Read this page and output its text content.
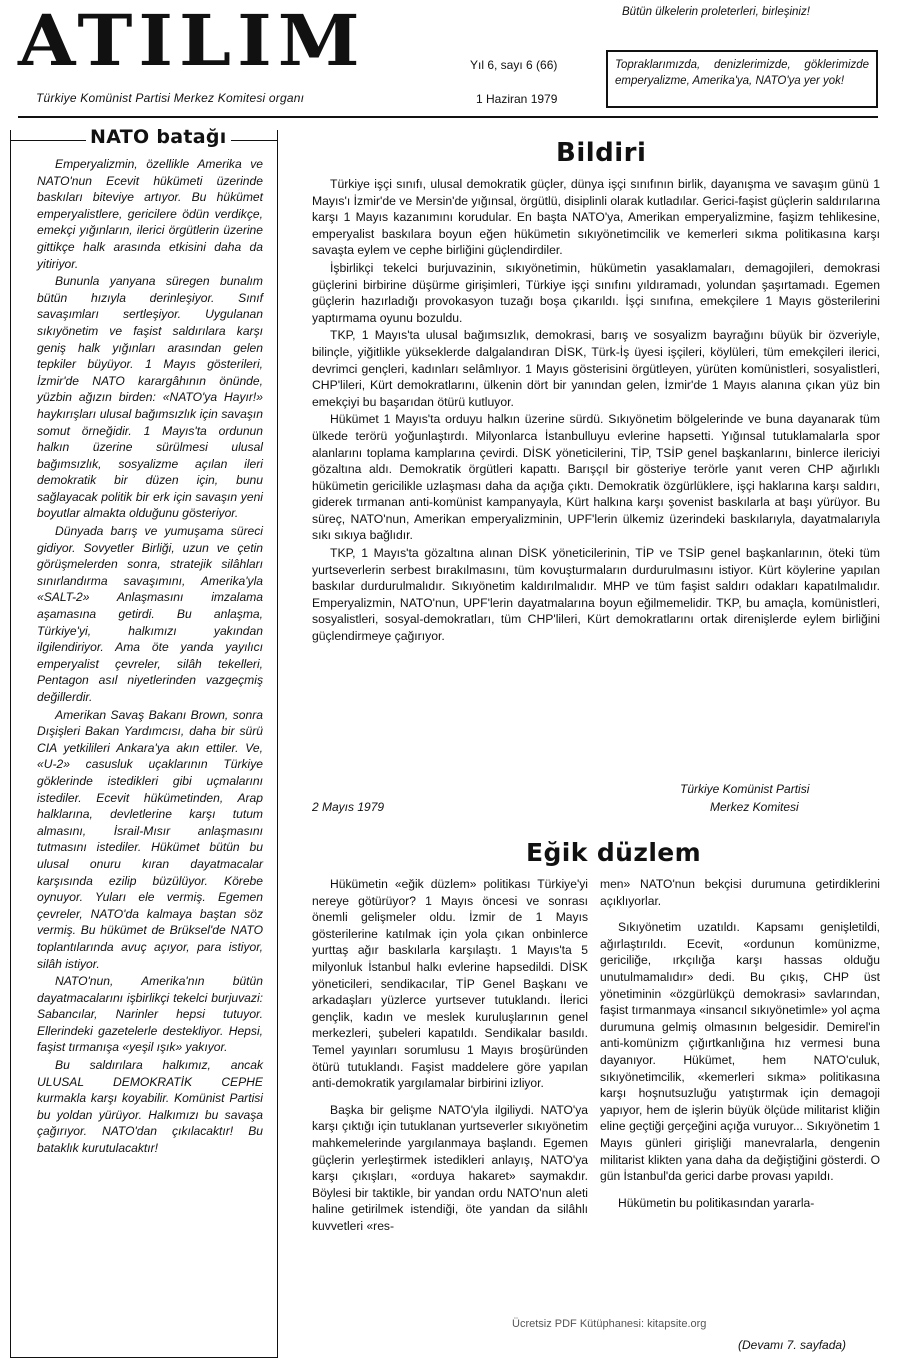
ATILIM
Türkiye Komünist Partisi Merkez Komitesi organı
Yıl 6, sayı 6 (66)
1 Haziran 1979
Bütün ülkelerin proleterleri, birleşiniz!
Topraklarımızda, denizlerimizde, göklerimizde emperyalizme, Amerika'ya, NATO'ya yer yok!

Emperyalizmin, özellikle Amerika ve NATO'nun Ecevit hükümeti üzerinde baskıları biteviye artıyor. Bu hükümet emperyalistlere, gericilere ödün verdikçe, emekçi yığınların, ilerici örgütlerin üzerine gittikçe halk arasında etkisini daha da yitiriyor.

Bununla yanyana süregen bunalım bütün hızıyla derinleşiyor. Sınıf savaşımları sertleşiyor. Uygulanan sıkıyönetim ve faşist saldırılara karşı geniş halk yığınları arasından gelen tepkiler büyüyor. 1 Mayıs gösterileri, İzmir'de NATO karargâhının önünde, yüzbin ağızın birden: «NATO'ya Hayır!» haykırışları ulusal bağımsızlık için savaşın somut örneğidir. 1 Mayıs'ta ordunun halkın üzerine sürülmesi ulusal bağımsızlık, sosyalizme açılan ileri demokratik bir düzen için, bunu sağlayacak politik bir erk için savaşın yeni boyutlar almakta olduğunu gösteriyor.

Dünyada barış ve yumuşama süreci gidiyor. Sovyetler Birliği, uzun ve çetin görüşmelerden sonra, stratejik silâhları sınırlandırma savaşımını, Amerika'yla «SALT-2» Anlaşmasını imzalama aşamasına getirdi. Bu anlaşma, Türkiye'yi, halkımızı yakından ilgilendiriyor. Ama öte yanda yayılıcı emperyalist çevreler, silâh tekelleri, Pentagon asıl niyetlerinden vazgeçmiş değillerdir.

Amerikan Savaş Bakanı Brown, sonra Dışişleri Bakan Yardımcısı, daha bir sürü CIA yetkilileri Ankara'ya akın ettiler. Ve, «U-2» casusluk uçaklarının Türkiye göklerinde istedikleri gibi uçmalarını istediler. Ecevit hükümetinden, Arap halklarına, devletlerine karşı tutum almasını, İsrail-Mısır anlaşmasını tutmasını istediler. Hükümet bütün bu ulusal onuru kıran dayatmacalar karşısında ezilip büzülüyor. Körebe oynuyor. Yuları ele vermiş. Egemen çevreler, NATO'da kalmaya baştan söz vermiş. Bu hükümet de Brüksel'de NATO toplantılarında avuç açıyor, para istiyor, silâh istiyor.

NATO'nun, Amerika'nın bütün dayatmacalarını işbirlikçi tekelci burjuvazi: Sabancılar, Narinler hepsi tutuyor. Ellerindeki gazetelerle destekliyor. Hepsi, faşist tırmanışa «yeşil ışık» yakıyor.

Bu saldırılara halkımız, ancak ULUSAL DEMOKRATİK CEPHE kurmakla karşı koyabilir. Komünist Partisi bu yoldan yürüyor. Halkımızı bu savaşa çağırıyor. NATO'dan çıkılacaktır! Bu bataklık kurutulacaktır!

NATO batağı
Bildiri

Türkiye işçi sınıfı, ulusal demokratik güçler, dünya işçi sınıfının birlik, dayanışma ve savaşım günü 1 Mayıs'ı İzmir'de ve Mersin'de yığınsal, örgütlü, disiplinli olarak kutladılar. Gerici-faşist güçlerin saldırılarına karşı 1 Mayıs kazanımını korudular. En başta NATO'ya, Amerikan emperyalizmine, faşizm tehlikesine, emperyalist baskılara boyun eğen hükümetin sıkıyönetimcilik ve kemerleri sıkma politikasına karşı savaşta eylem ve cephe birliğini güçlendirdiler.

İşbirlikçi tekelci burjuvazinin, sıkıyönetimin, hükümetin yasaklamaları, demagojileri, demokrasi güçlerini birbirine düşürme girişimleri, Türkiye işçi sınıfını yıldıramadı, yolundan şaşırtamadı. Egemen güçlerin hazırladığı provokasyon tuzağı boşa çıkarıldı. İşçi sınıfına, emekçilere 1 Mayıs gösterilerini yaptırmama oyunu bozuldu.

TKP, 1 Mayıs'ta ulusal bağımsızlık, demokrasi, barış ve sosyalizm bayrağını büyük bir özveriyle, bilinçle, yiğitlikle yükseklerde dalgalandıran DİSK, Türk-İş üyesi işçileri, köylüleri, tüm emekçileri ilerici, devrimci gençleri, kadınları selâmlıyor. 1 Mayıs gösterisini örgütleyen, yürüten komünistleri, sosyalistleri, CHP'lileri, Kürt demokratlarını, ülkenin dört bir yanından gelen, İzmir'de 1 Mayıs alanına çıkan yüz bin emekçiyi bu başarıdan ötürü kutluyor.

Hükümet 1 Mayıs'ta orduyu halkın üzerine sürdü. Sıkıyönetim bölgelerinde ve buna dayanarak tüm ülkede terörü yoğunlaştırdı. Milyonlarca İstanbulluyu evlerine hapsetti. Yığınsal tutuklamalarla spor alanlarını toplama kamplarına çevirdi. DİSK yöneticilerini, TİP, TSİP genel başkanlarını, binlerce ilericiyi gözaltına aldı. Demokratik örgütleri kapattı. Barışçıl bir gösteriye terörle yanıt veren CHP ağırlıklı hükümetin gericilikle uzlaşması daha da açığa çıktı. Demokratik özgürlüklere, işçi haklarına karşı saldırı, giderek tırmanan anti-komünist kampanyayla, Kürt halkına karşı şovenist baskılarla at başı yürüyor. Bu süreç, NATO'nun, Amerikan emperyalizminin, UPF'lerin ülkemiz üzerindeki baskılarıyla, dayatmalarıyla sıkı sıkıya bağlıdır.

TKP, 1 Mayıs'ta gözaltına alınan DİSK yöneticilerinin, TİP ve TSİP genel başkanlarının, öteki tüm yurtseverlerin serbest bırakılmasını, tüm kovuşturmaların durdurulmasını istiyor. Kürt köylerine yapılan baskılar durdurulmalıdır. Sıkıyönetim kaldırılmalıdır. MHP ve tüm faşist saldırı odakları kapatılmalıdır. Emperyalizmin, NATO'nun, UPF'lerin dayatmalarına boyun eğilmemelidir. TKP, bu amaçla, komünistleri, sosyalistleri, sosyal-demokratları, tüm CHP'lileri, Kürt demokratlarını ortak direnişlerde eylem birliğini güçlendirmeye çağırıyor.

Türkiye Komünist Partisi
Merkez Komitesi
2 Mayıs 1979
Eğik düzlem

Hükümetin «eğik düzlem» politikası Türkiye'yi nereye götürüyor? 1 Mayıs öncesi ve sonrası önemli gelişmeler oldu. İzmir de 1 Mayıs gösterilerine katılmak için yola çıkan onbinlerce yurttaş ağır baskılarla karşılaştı. 1 Mayıs'ta 5 milyonluk İstanbul halkı evlerine hapsedildi. DİSK yöneticileri, sendikacılar, TİP Genel Başkanı ve arkadaşları yüzlerce yurtsever tutuklandı. İlerici gençlik, kadın ve meslek kuruluşlarının genel merkezleri, şubeleri kapatıldı. Sendikalar basıldı. Temel yayınları sorumlusu 1 Mayıs broşüründen ötürü tutuklandı. Faşist maddelere göre yapılan anti-demokratik yargılamalar birbirini izliyor.

Başka bir gelişme NATO'yla ilgiliydi. NATO'ya karşı çıktığı için tutuklanan yurtseverler sıkıyönetim mahkemelerinde yargılanmaya başlandı. Egemen güçlerin yerleştirmek istedikleri anlayış, NATO'ya karşı çıkışları, «orduya hakaret» saymakdır. Böylesi bir taktikle, bir yandan ordu NATO'nun aleti haline getirilmek istendiği, öte yandan da silâhlı kuvvetleri «res-

men» NATO'nun bekçisi durumuna getirdiklerini açıklıyorlar.

Sıkıyönetim uzatıldı. Kapsamı genişletildi, ağırlaştırıldı. Ecevit, «ordunun komünizme, gericiliğe, ırkçılığa karşı hassas olduğu unutulmamalıdır» dedi. Bu çıkış, CHP üst yönetiminin «özgürlükçü demokrasi» savlarından, faşist tırmanmaya «insancıl sıkıyönetimle» yol açma durumuna gelmiş olmasının belgesidir. Demirel'in anti-komünizm çığırtkanlığına hız vermesi buna dayanıyor. Hükümet, hem NATO'culuk, sıkıyönetimcilik, «kemerleri sıkma» politikasına karşı hoşnutsuzluğu yatıştırmak için demagoji yapıyor, hem de işlerin büyük ölçüde militarist kliğin eline geçtiği gerçeğini açığa vuruyor... Sıkıyönetim 1 Mayıs günleri girişliği manevralarla, dengenin militarist klikten yana daha da değiştiğini gösterdi. O gün İstanbul'da gerici darbe provası yapıldı.

Hükümetin bu politikasından yararla-

(Devamı 7. sayfada)
Ücretsiz PDF Kütüphanesi: kitapsite.org
